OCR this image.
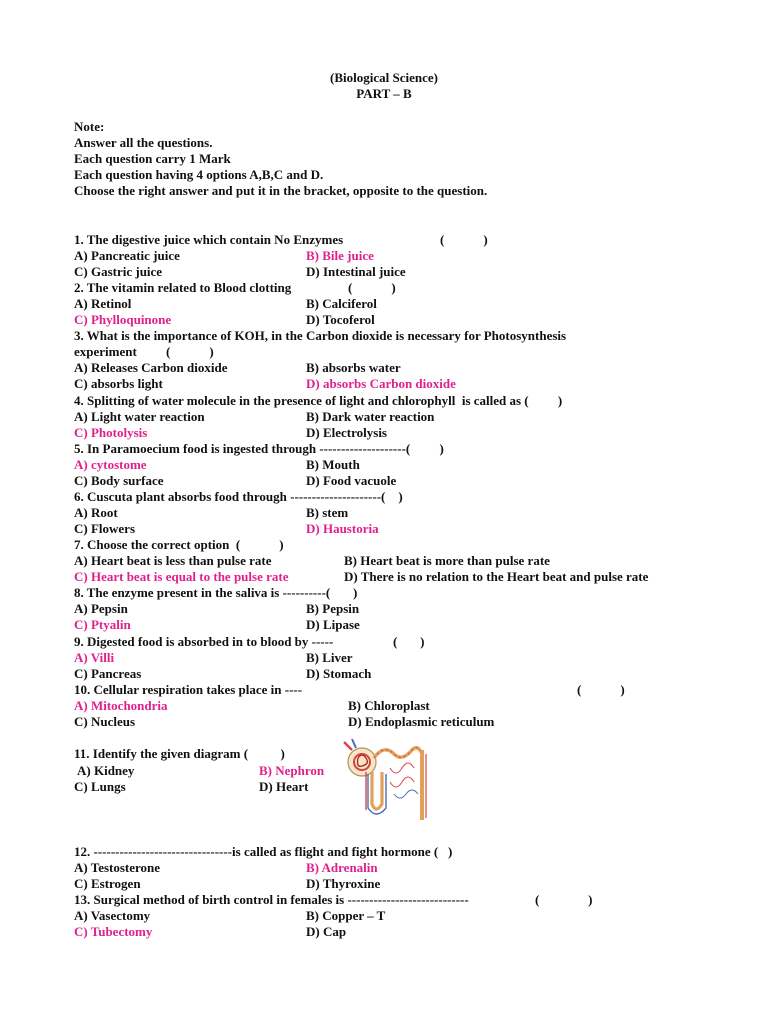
(Biological Science)
PART – B
Note:
Answer all the questions.
Each question carry 1 Mark
Each question having 4 options A,B,C and D.
Choose the right answer and put it in the bracket, opposite to the question.
1. The digestive juice which contain No Enzymes	(            )
A) Pancreatic juice	B) Bile juice
C) Gastric juice	D) Intestinal juice
2. The vitamin related to Blood clotting	(            )
A) Retinol	B) Calciferol
C) Phylloquinone	D) Tocoferol
3. What is the importance of KOH, in the Carbon dioxide is necessary for Photosynthesis
experiment (            )
A) Releases Carbon dioxide	B) absorbs water
C) absorbs light	D) absorbs Carbon dioxide
4. Splitting of water molecule in the presence of light and chlorophyll  is called as (         )
A) Light water reaction	B) Dark water reaction
C) Photolysis	D) Electrolysis
5. In Paramoecium food is ingested through --------------------(         )
A) cytostome	B) Mouth
C) Body surface	D) Food vacuole
6. Cuscuta plant absorbs food through ---------------------(    )
A) Root	B) stem
C) Flowers	D) Haustoria
7. Choose the correct option  (            )
A) Heart beat is less than pulse rate	B) Heart beat is more than pulse rate
C) Heart beat is equal to the pulse rate	D) There is no relation to the Heart beat and pulse rate
8. The enzyme present in the saliva is ----------(       )
A) Pepsin	B) Pepsin
C) Ptyalin	D) Lipase
9. Digested food is absorbed in to blood by -----	(       )
A) Villi	B) Liver
C) Pancreas	D) Stomach
10. Cellular respiration takes place in ----	(            )
A) Mitochondria	B) Chloroplast
C) Nucleus	D) Endoplasmic reticulum
11. Identify the given diagram (          )
A) Kidney	B) Nephron
C) Lungs	D) Heart
12. --------------------------------is called as flight and fight hormone (   )
A) Testosterone	B) Adrenalin
C) Estrogen	D) Thyroxine
13. Surgical method of birth control in females is ----------------------------	(               )
A) Vasectomy	B) Copper – T
C) Tubectomy	D) Cap
